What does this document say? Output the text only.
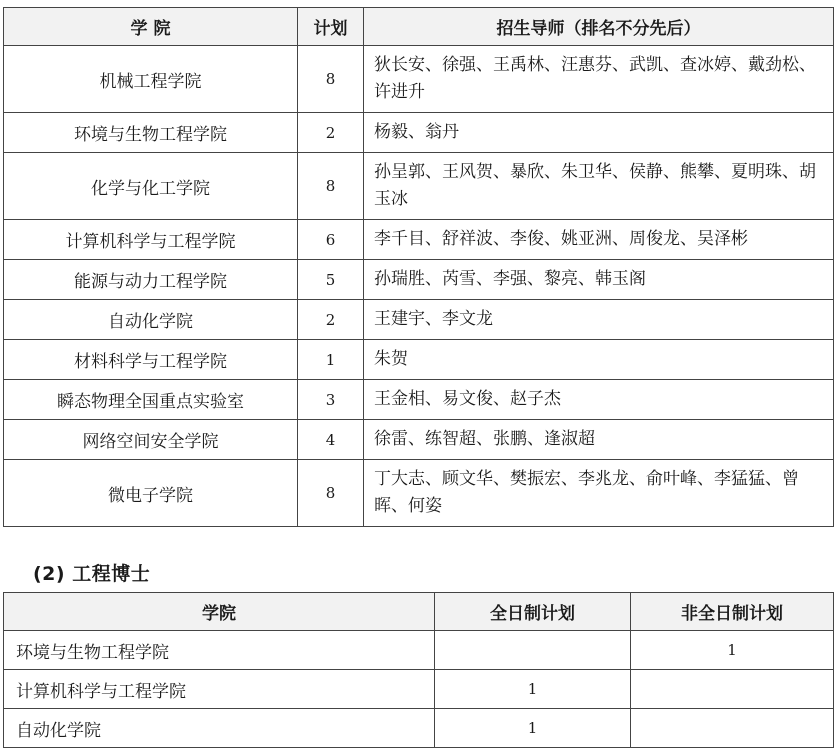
学 院	计划	招生导师（排名不分先后）
机械工程学院	8	狄长安、徐强、王禹林、汪惠芬、武凯、查冰婷、戴劲松、许进升
环境与生物工程学院	2	杨毅、翁丹
化学与化工学院	8	孙呈郭、王风贺、暴欣、朱卫华、侯静、熊攀、夏明珠、胡玉冰
计算机科学与工程学院	6	李千目、舒祥波、李俊、姚亚洲、周俊龙、吴泽彬
能源与动力工程学院	5	孙瑞胜、芮雪、李强、黎亮、韩玉阁
自动化学院	2	王建宇、李文龙
材料科学与工程学院	1	朱贺
瞬态物理全国重点实验室	3	王金相、易文俊、赵子杰
网络空间安全学院	4	徐雷、练智超、张鹏、逢淑超
微电子学院	8	丁大志、顾文华、樊振宏、李兆龙、俞叶峰、李猛猛、曾晖、何姿
(2) 工程博士
学院	全日制计划	非全日制计划
环境与生物工程学院		1
计算机科学与工程学院	1	
自动化学院	1	
